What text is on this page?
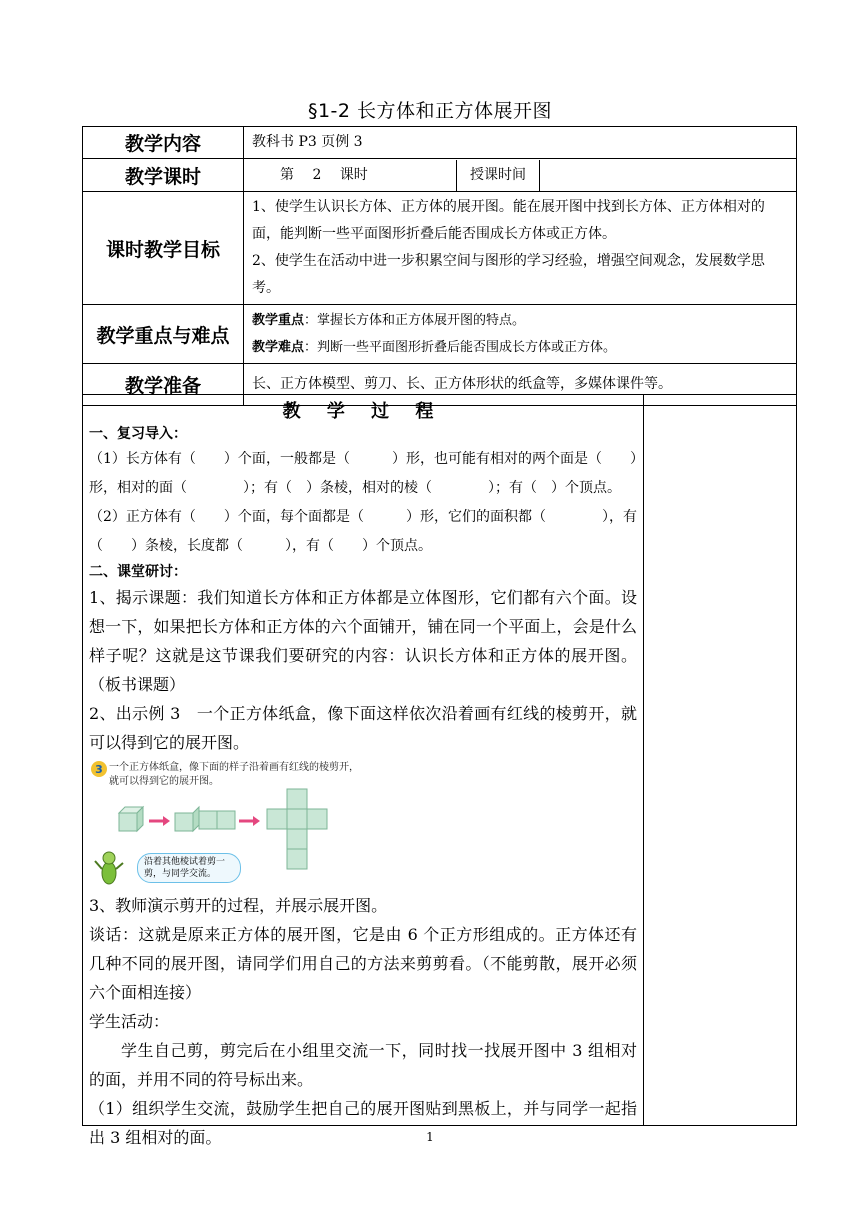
§1-2 长方体和正方体展开图
教学内容	教科书 P3 页例 3
教学课时	第　 2　 课时 授课时间

课时教学目标	1、使学生认识长方体、正方体的展开图。能在展开图中找到长方体、正方体相对的面，能判断一些平面图形折叠后能否围成长方体或正方体。
2、使学生在活动中进一步积累空间与图形的学习经验，增强空间观念，发展数学思考。

教学重点与难点	教学重点：掌握长方体和正方体展开图的特点。
教学难点：判断一些平面图形折叠后能否围成长方体或正方体。

教学准备	长、正方体模型、剪刀、长、正方体形状的纸盒等，多媒体课件等。
教 学 过 程
一、复习导入：
（1）长方体有（　　）个面，一般都是（　　　）形，也可能有相对的两个面是（　　）形，相对的面（　　　　）；有（　）条棱，相对的棱（　　　　）；有（　）个顶点。
（2）正方体有（　　）个面，每个面都是（　　　）形，它们的面积都（　　　　），有（　　）条棱，长度都（　　　），有（　　）个顶点。
二、课堂研讨：
1、揭示课题：我们知道长方体和正方体都是立体图形，它们都有六个面。设想一下，如果把长方体和正方体的六个面铺开，铺在同一个平面上，会是什么样子呢？这就是这节课我们要研究的内容：认识长方体和正方体的展开图。（板书课题）
2、出示例 3　一个正方体纸盒，像下面这样依次沿着画有红线的棱剪开，就可以得到它的展开图。
3 一个正方体纸盒，像下面的样子沿着画有红线的棱剪开，就可以得到它的展开图。
沿着其他棱试着剪一剪，与同学交流。
3、教师演示剪开的过程，并展示展开图。
谈话：这就是原来正方体的展开图，它是由 6 个正方形组成的。正方体还有几种不同的展开图，请同学们用自己的方法来剪剪看。（不能剪散，展开必须六个面相连接）
学生活动：
学生自己剪，剪完后在小组里交流一下，同时找一找展开图中 3 组相对的面，并用不同的符号标出来。
（1）组织学生交流，鼓励学生把自己的展开图贴到黑板上，并与同学一起指出 3 组相对的面。	1
